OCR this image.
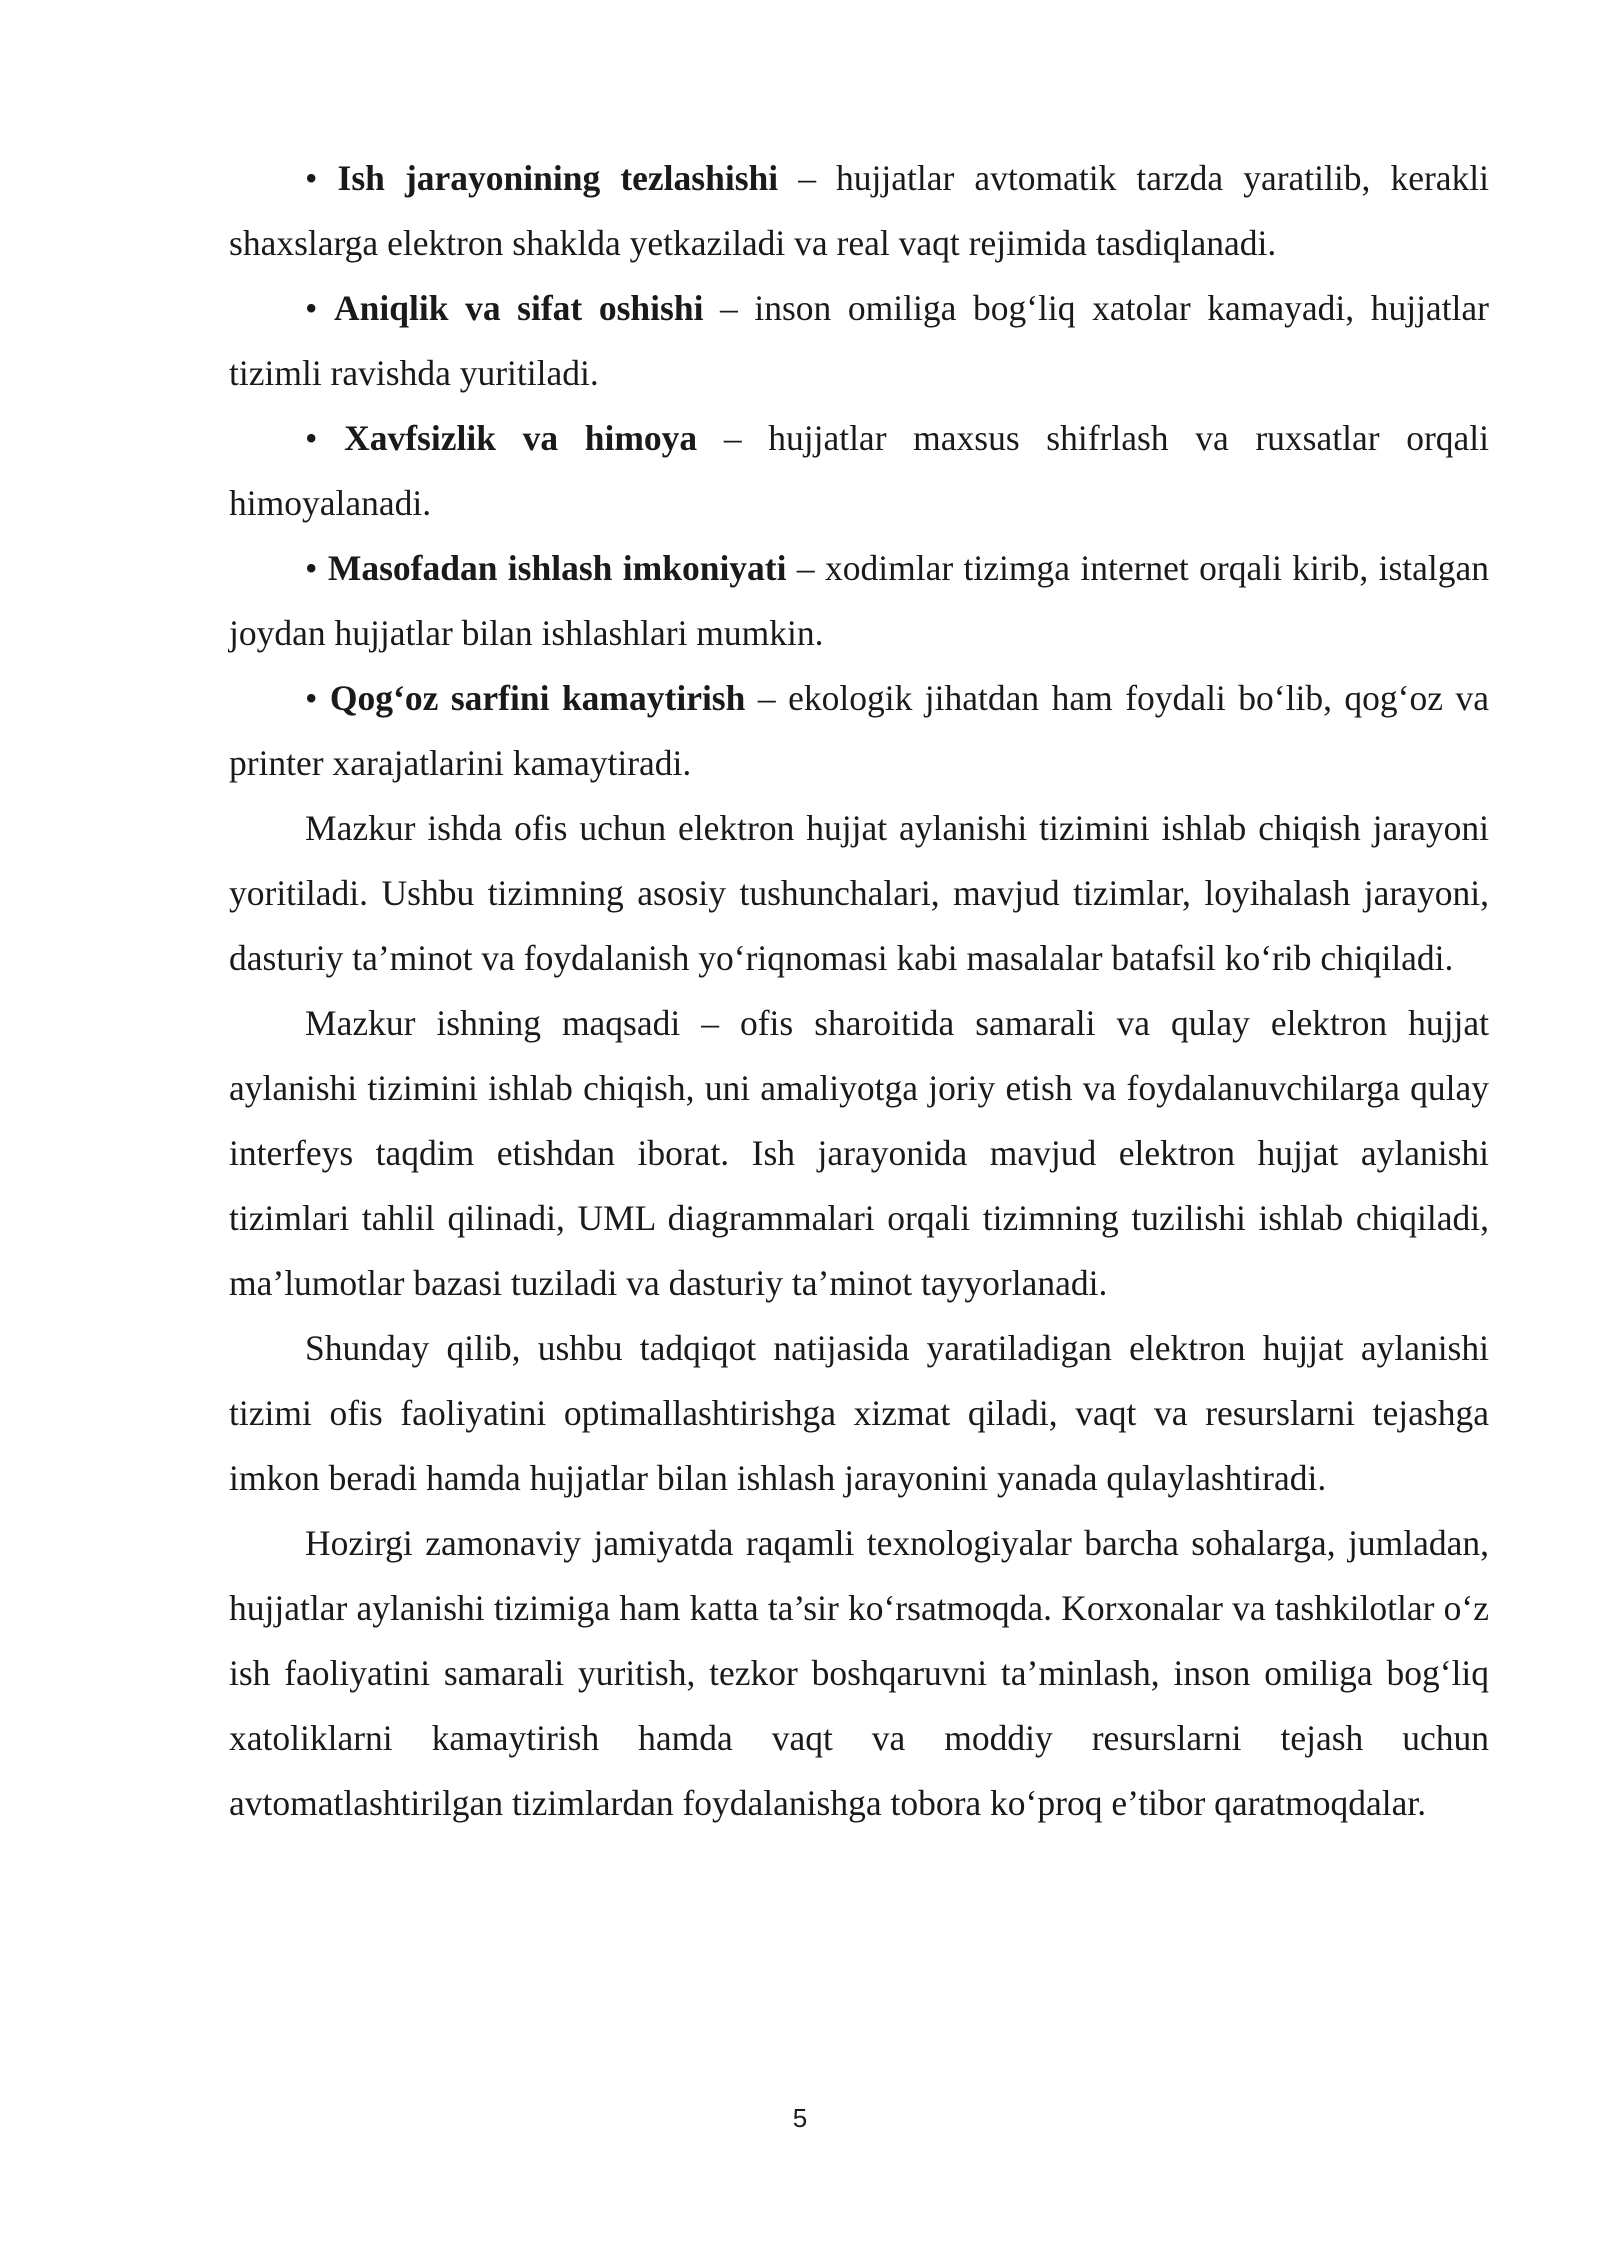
• Ish jarayonining tezlashishi – hujjatlar avtomatik tarzda yaratilib, kerakli shaxslarga elektron shaklda yetkaziladi va real vaqt rejimida tasdiqlanadi.

• Aniqlik va sifat oshishi – inson omiliga bog‘liq xatolar kamayadi, hujjatlar tizimli ravishda yuritiladi.

• Xavfsizlik va himoya – hujjatlar maxsus shifrlash va ruxsatlar orqali himoyalanadi.

• Masofadan ishlash imkoniyati – xodimlar tizimga internet orqali kirib, istalgan joydan hujjatlar bilan ishlashlari mumkin.

• Qog‘oz sarfini kamaytirish – ekologik jihatdan ham foydali bo‘lib, qog‘oz va printer xarajatlarini kamaytiradi.

Mazkur ishda ofis uchun elektron hujjat aylanishi tizimini ishlab chiqish jarayoni yoritiladi. Ushbu tizimning asosiy tushunchalari, mavjud tizimlar, loyihalash jarayoni, dasturiy ta’minot va foydalanish yo‘riqnomasi kabi masalalar batafsil ko‘rib chiqiladi.

Mazkur ishning maqsadi – ofis sharoitida samarali va qulay elektron hujjat aylanishi tizimini ishlab chiqish, uni amaliyotga joriy etish va foydalanuvchilarga qulay interfeys taqdim etishdan iborat. Ish jarayonida mavjud elektron hujjat aylanishi tizimlari tahlil qilinadi, UML diagrammalari orqali tizimning tuzilishi ishlab chiqiladi, ma’lumotlar bazasi tuziladi va dasturiy ta’minot tayyorlanadi.

Shunday qilib, ushbu tadqiqot natijasida yaratiladigan elektron hujjat aylanishi tizimi ofis faoliyatini optimallashtirishga xizmat qiladi, vaqt va resurslarni tejashga imkon beradi hamda hujjatlar bilan ishlash jarayonini yanada qulaylashtiradi.

Hozirgi zamonaviy jamiyatda raqamli texnologiyalar barcha sohalarga, jumladan, hujjatlar aylanishi tizimiga ham katta ta’sir ko‘rsatmoqda. Korxonalar va tashkilotlar o‘z ish faoliyatini samarali yuritish, tezkor boshqaruvni ta’minlash, inson omiliga bog‘liq xatoliklarni kamaytirish hamda vaqt va moddiy resurslarni tejash uchun avtomatlashtirilgan tizimlardan foydalanishga tobora ko‘proq e’tibor qaratmoqdalar.

5
